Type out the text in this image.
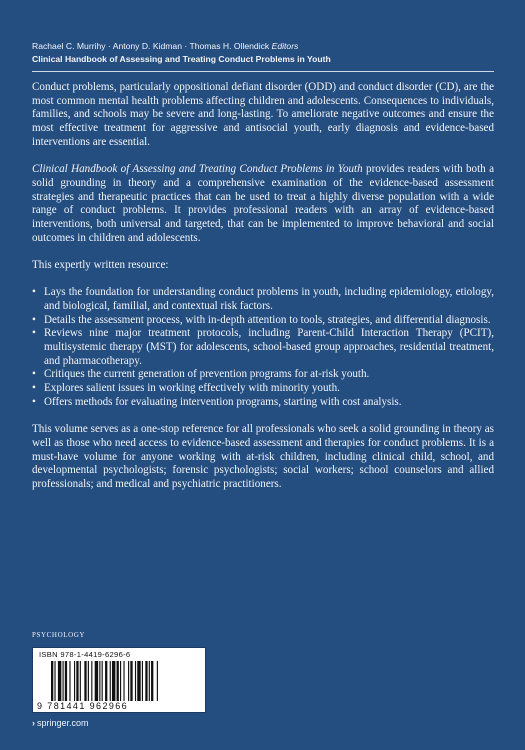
Rachael C. Murrihy · Antony D. Kidman · Thomas H. Ollendick Editors
Clinical Handbook of Assessing and Treating Conduct Problems in Youth

Conduct problems, particularly oppositional defiant disorder (ODD) and conduct disorder (CD), are the most common mental health problems affecting children and adolescents. Consequences to individuals, families, and schools may be severe and long-lasting. To ameliorate negative outcomes and ensure the most effective treatment for aggressive and antisocial youth, early diagnosis and evidence-based interventions are essential.

Clinical Handbook of Assessing and Treating Conduct Problems in Youth provides readers with both a solid grounding in theory and a comprehensive examination of the evidence-based assessment strategies and therapeutic practices that can be used to treat a highly diverse population with a wide range of conduct problems. It provides professional readers with an array of evidence-based interventions, both universal and targeted, that can be implemented to improve behavioral and social outcomes in children and adolescents.

This expertly written resource:

• Lays the foundation for understanding conduct problems in youth, including epidemiology, etiology, and biological, familial, and contextual risk factors.
• Details the assessment process, with in-depth attention to tools, strategies, and differential diagnosis.
• Reviews nine major treatment protocols, including Parent-Child Interaction Therapy (PCIT), multisystemic therapy (MST) for adolescents, school-based group approaches, residential treatment, and pharmacotherapy.
• Critiques the current generation of prevention programs for at-risk youth.
• Explores salient issues in working effectively with minority youth.
• Offers methods for evaluating intervention programs, starting with cost analysis.

This volume serves as a one-stop reference for all professionals who seek a solid grounding in theory as well as those who need access to evidence-based assessment and therapies for conduct problems. It is a must-have volume for anyone working with at-risk children, including clinical child, school, and developmental psychologists; forensic psychologists; social workers; school counselors and allied professionals; and medical and psychiatric practitioners.

PSYCHOLOGY
ISBN 978-1-4419-6296-6
9 781441 962966
› springer.com
